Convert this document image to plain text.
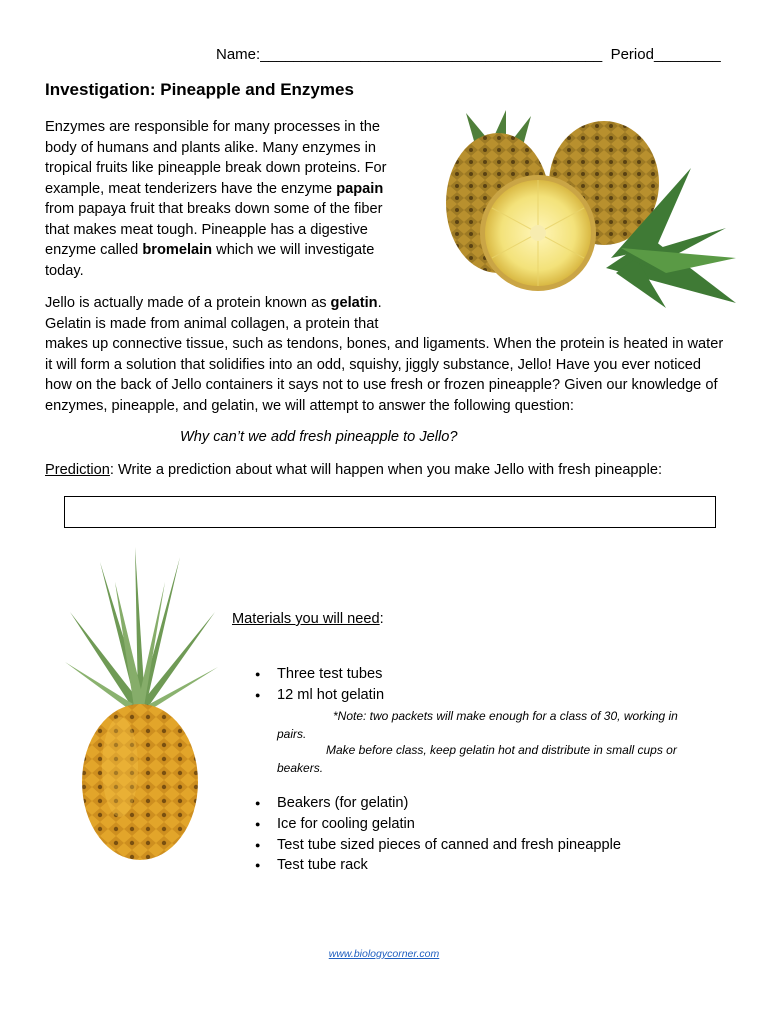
Name:_________________________________________ Period________
Investigation: Pineapple and Enzymes
Enzymes are responsible for many processes in the body of humans and plants alike. Many enzymes in tropical fruits like pineapple break down proteins. For example, meat tenderizers have the enzyme papain from papaya fruit that breaks down some of the fiber that makes meat tough. Pineapple has a digestive enzyme called bromelain which we will investigate today.
Jello is actually made of a protein known as gelatin. Gelatin is made from animal collagen, a protein that
makes up connective tissue, such as tendons, bones, and ligaments. When the protein is heated in water it will form a solution that solidifies into an odd, squishy, jiggly substance, Jello! Have you ever noticed how on the back of Jello containers it says not to use fresh or frozen pineapple? Given our knowledge of enzymes, pineapple, and gelatin, we will attempt to answer the following question:
Why can’t we add fresh pineapple to Jello?
Prediction: Write a prediction about what will happen when you make Jello with fresh pineapple:
Materials you will need:
● Three test tubes
● 12 ml hot gelatin
*Note: two packets will make enough for a class of 30, working in pairs.
Make before class, keep gelatin hot and distribute in small cups or beakers.
● Beakers (for gelatin)
● Ice for cooling gelatin
● Test tube sized pieces of canned and fresh pineapple
● Test tube rack
www.biologycorner.com
